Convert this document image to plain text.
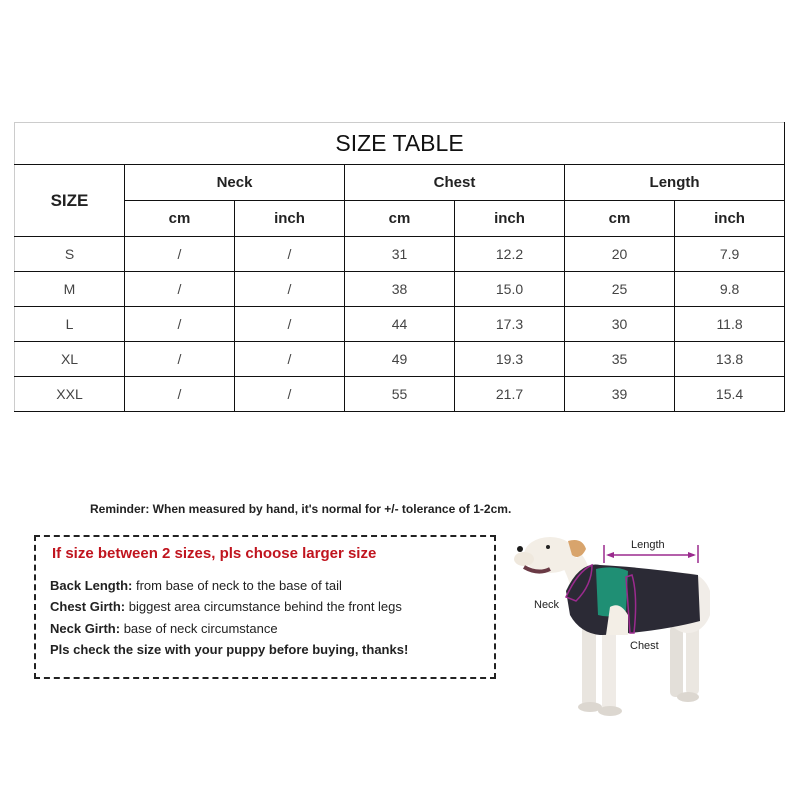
SIZE TABLE						
SIZE	Neck		Chest		Length	
	cm	inch	cm	inch	cm	inch
S	/	/	31	12.2	20	7.9
M	/	/	38	15.0	25	9.8
L	/	/	44	17.3	30	11.8
XL	/	/	49	19.3	35	13.8
XXL	/	/	55	21.7	39	15.4
Reminder: When measured by hand, it's normal for +/- tolerance of 1-2cm.
If size between 2 sizes, pls choose larger size
Back Length: from base of neck to the base of tail
Chest Girth: biggest area circumstance behind the front legs
Neck Girth: base of neck circumstance
Pls check the size with your puppy before buying, thanks!
Length
Neck
Chest
